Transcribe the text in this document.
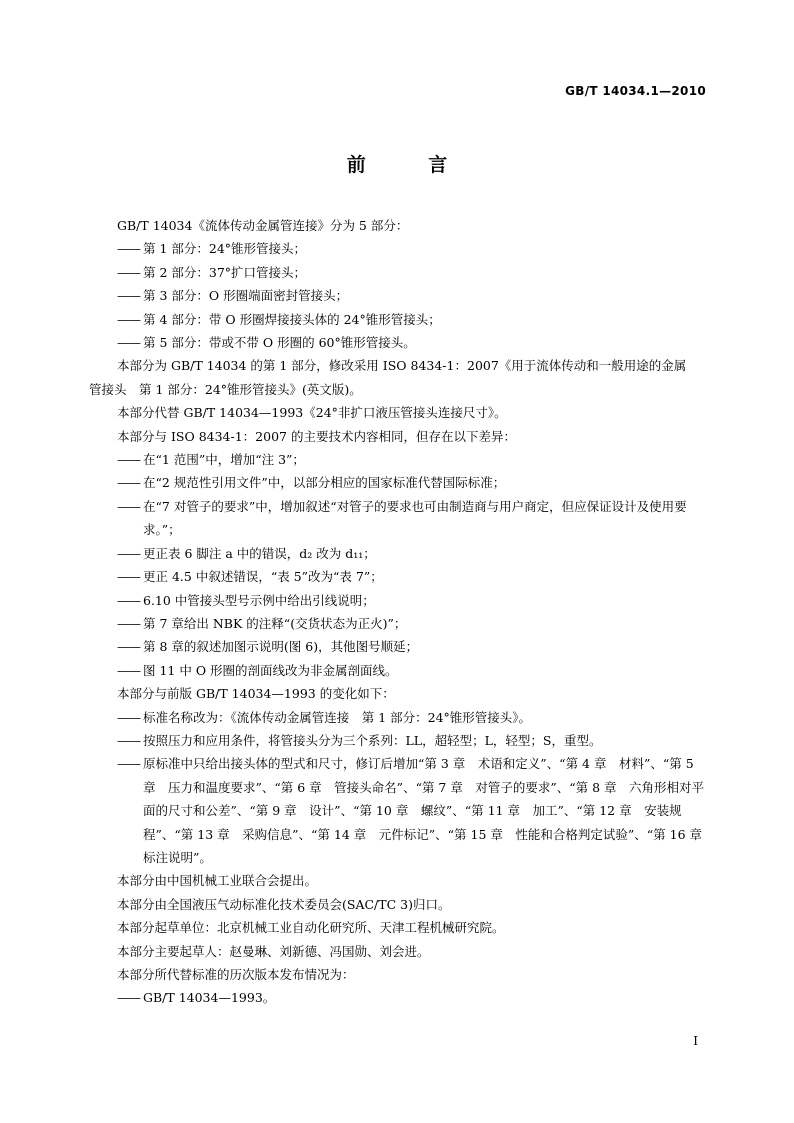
GB/T 14034.1—2010
前 言

GB/T 14034《流体传动金属管连接》分为 5 部分：

—— 第 1 部分：24°锥形管接头；
—— 第 2 部分：37°扩口管接头；
—— 第 3 部分：O 形圈端面密封管接头；
—— 第 4 部分：带 O 形圈焊接接头体的 24°锥形管接头；
—— 第 5 部分：带或不带 O 形圈的 60°锥形管接头。

本部分为 GB/T 14034 的第 1 部分，修改采用 ISO 8434-1：2007《用于流体传动和一般用途的金属

管接头　第 1 部分：24°锥形管接头》(英文版)。

本部分代替 GB/T 14034—1993《24°非扩口液压管接头连接尺寸》。

本部分与 ISO 8434-1：2007 的主要技术内容相同，但存在以下差异：

—— 在“1 范围”中，增加“注 3”；
—— 在“2 规范性引用文件”中，以部分相应的国家标准代替国际标准；
—— 在“7 对管子的要求”中，增加叙述“对管子的要求也可由制造商与用户商定，但应保证设计及使用要求。”；
—— 更正表 6 脚注 a 中的错误，d₂ 改为 d₁₁；
—— 更正 4.5 中叙述错误，“表 5”改为“表 7”；
—— 6.10 中管接头型号示例中给出引线说明；
—— 第 7 章给出 NBK 的注释“(交货状态为正火)”；
—— 第 8 章的叙述加图示说明(图 6)，其他图号顺延；
—— 图 11 中 O 形圈的剖面线改为非金属剖面线。

本部分与前版 GB/T 14034—1993 的变化如下：

—— 标准名称改为：《流体传动金属管连接　第 1 部分：24°锥形管接头》。
—— 按照压力和应用条件，将管接头分为三个系列：LL，超轻型；L，轻型；S，重型。
—— 原标准中只给出接头体的型式和尺寸，修订后增加“第 3 章　术语和定义”、“第 4 章　材料”、“第 5 章　压力和温度要求”、“第 6 章　管接头命名”、“第 7 章　对管子的要求”、“第 8 章　六角形相对平面的尺寸和公差”、“第 9 章　设计”、“第 10 章　螺纹”、“第 11 章　加工”、“第 12 章　安装规程”、“第 13 章　采购信息”、“第 14 章　元件标记”、“第 15 章　性能和合格判定试验”、“第 16 章　标注说明”。

本部分由中国机械工业联合会提出。

本部分由全国液压气动标准化技术委员会(SAC/TC 3)归口。

本部分起草单位：北京机械工业自动化研究所、天津工程机械研究院。

本部分主要起草人：赵曼琳、刘新德、冯国勋、刘会进。

本部分所代替标准的历次版本发布情况为：

—— GB/T 14034—1993。
I
